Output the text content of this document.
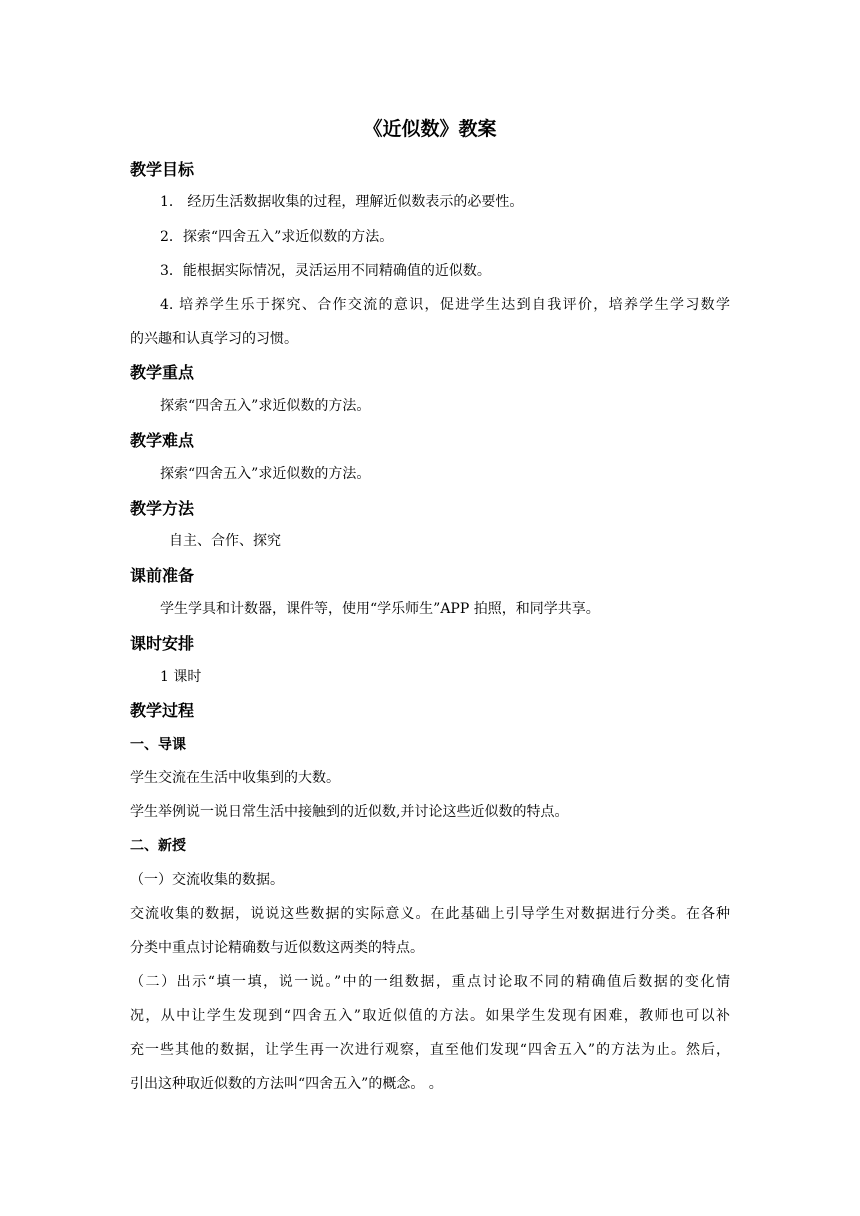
《近似数》教案
教学目标
1． 经历生活数据收集的过程，理解近似数表示的必要性。
2．探索“四舍五入”求近似数的方法。
3．能根据实际情况，灵活运用不同精确值的近似数。
4. 培养学生乐于探究、合作交流的意识，促进学生达到自我评价，培养学生学习数学
的兴趣和认真学习的习惯。
教学重点
探索“四舍五入”求近似数的方法。
教学难点
探索“四舍五入”求近似数的方法。
教学方法
自主、合作、探究
课前准备
学生学具和计数器，课件等，使用“学乐师生”APP 拍照，和同学共享。
课时安排
1 课时
教学过程
一、导课
学生交流在生活中收集到的大数。
学生举例说一说日常生活中接触到的近似数,并讨论这些近似数的特点。
二、新授
（一）交流收集的数据。
交流收集的数据，说说这些数据的实际意义。在此基础上引导学生对数据进行分类。在各种
分类中重点讨论精确数与近似数这两类的特点。
（二）出示“填一填，说一说。”中的一组数据，重点讨论取不同的精确值后数据的变化情
况，从中让学生发现到“四舍五入”取近似值的方法。如果学生发现有困难，教师也可以补
充一些其他的数据，让学生再一次进行观察，直至他们发现“四舍五入”的方法为止。然后，
引出这种取近似数的方法叫“四舍五入”的概念。 。
